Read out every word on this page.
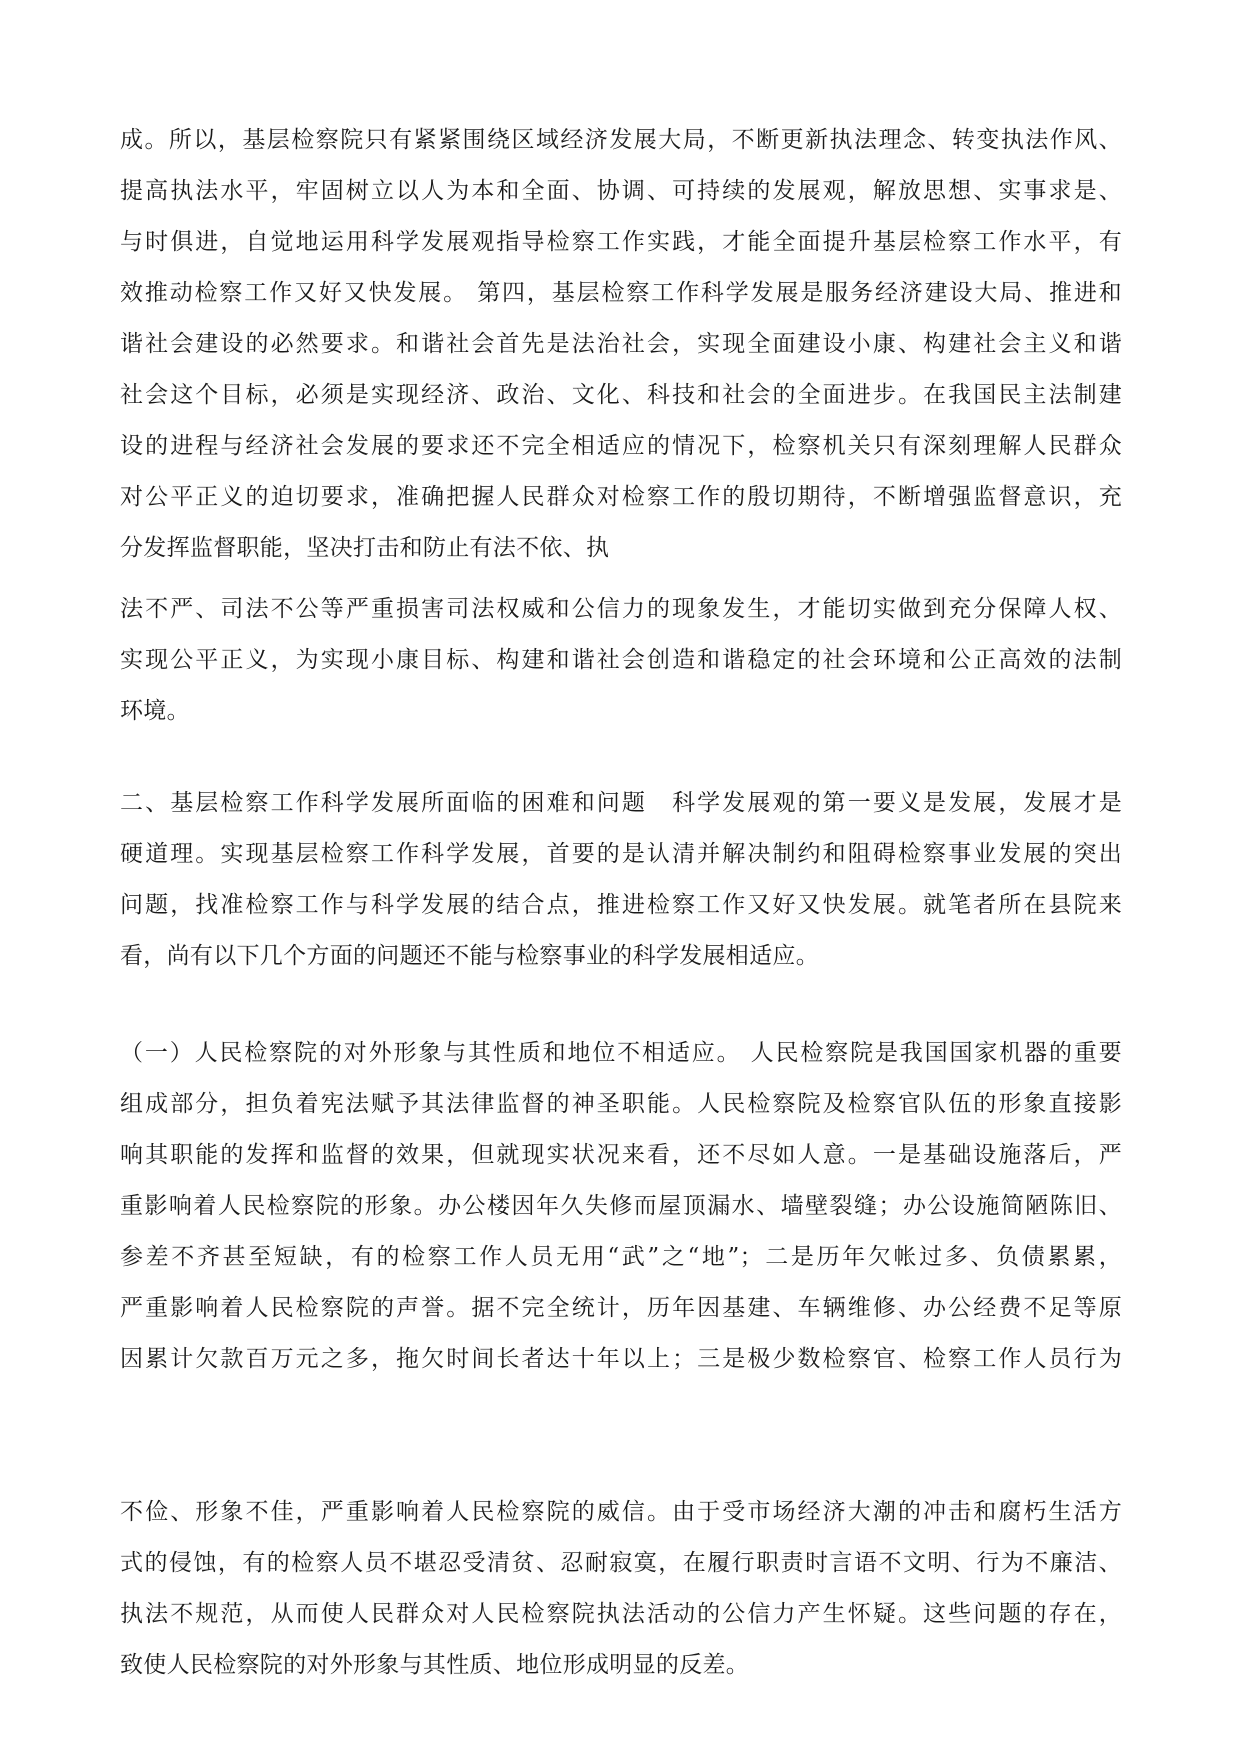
成。所以，基层检察院只有紧紧围绕区域经济发展大局，不断更新执法理念、转变执法作风、
提高执法水平，牢固树立以人为本和全面、协调、可持续的发展观，解放思想、实事求是、
与时俱进，自觉地运用科学发展观指导检察工作实践，才能全面提升基层检察工作水平，有
效推动检察工作又好又快发展。 第四，基层检察工作科学发展是服务经济建设大局、推进和
谐社会建设的必然要求。和谐社会首先是法治社会，实现全面建设小康、构建社会主义和谐
社会这个目标，必须是实现经济、政治、文化、科技和社会的全面进步。在我国民主法制建
设的进程与经济社会发展的要求还不完全相适应的情况下，检察机关只有深刻理解人民群众
对公平正义的迫切要求，准确把握人民群众对检察工作的殷切期待，不断增强监督意识，充
分发挥监督职能，坚决打击和防止有法不依、执
法不严、司法不公等严重损害司法权威和公信力的现象发生，才能切实做到充分保障人权、
实现公平正义，为实现小康目标、构建和谐社会创造和谐稳定的社会环境和公正高效的法制
环境。
二、基层检察工作科学发展所面临的困难和问题　科学发展观的第一要义是发展，发展才是
硬道理。实现基层检察工作科学发展，首要的是认清并解决制约和阻碍检察事业发展的突出
问题，找准检察工作与科学发展的结合点，推进检察工作又好又快发展。就笔者所在县院来
看，尚有以下几个方面的问题还不能与检察事业的科学发展相适应。
（一）人民检察院的对外形象与其性质和地位不相适应。 人民检察院是我国国家机器的重要
组成部分，担负着宪法赋予其法律监督的神圣职能。人民检察院及检察官队伍的形象直接影
响其职能的发挥和监督的效果，但就现实状况来看，还不尽如人意。一是基础设施落后，严
重影响着人民检察院的形象。办公楼因年久失修而屋顶漏水、墙壁裂缝；办公设施简陋陈旧、
参差不齐甚至短缺，有的检察工作人员无用“武”之“地”；二是历年欠帐过多、负债累累，
严重影响着人民检察院的声誉。据不完全统计，历年因基建、车辆维修、办公经费不足等原
因累计欠款百万元之多，拖欠时间长者达十年以上；三是极少数检察官、检察工作人员行为
不俭、形象不佳，严重影响着人民检察院的威信。由于受市场经济大潮的冲击和腐朽生活方
式的侵蚀，有的检察人员不堪忍受清贫、忍耐寂寞，在履行职责时言语不文明、行为不廉洁、
执法不规范，从而使人民群众对人民检察院执法活动的公信力产生怀疑。这些问题的存在，
致使人民检察院的对外形象与其性质、地位形成明显的反差。
